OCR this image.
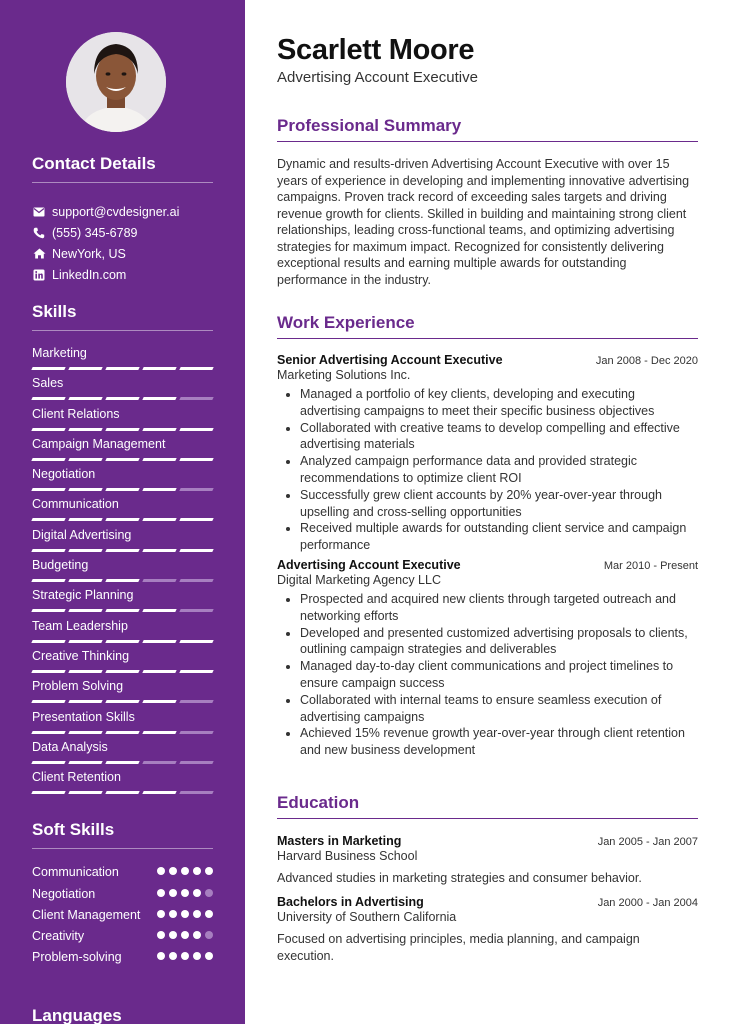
Contact Details
support@cvdesigner.ai
(555) 345-6789
NewYork, US
LinkedIn.com
Skills
Marketing
Sales
Client Relations
Campaign Management
Negotiation
Communication
Digital Advertising
Budgeting
Strategic Planning
Team Leadership
Creative Thinking
Problem Solving
Presentation Skills
Data Analysis
Client Retention
Soft Skills
Communication
Negotiation
Client Management
Creativity
Problem-solving
Languages
Scarlett Moore
Advertising Account Executive
Professional Summary

Dynamic and results-driven Advertising Account Executive with over 15 years of experience in developing and implementing innovative advertising campaigns. Proven track record of exceeding sales targets and driving revenue growth for clients. Skilled in building and maintaining strong client relationships, leading cross-functional teams, and optimizing advertising strategies for maximum impact. Recognized for consistently delivering exceptional results and earning multiple awards for outstanding performance in the industry.

Work Experience
Senior Advertising Account Executive	Jan 2008 - Dec 2020
Marketing Solutions Inc.
• Managed a portfolio of key clients, developing and executing advertising campaigns to meet their specific business objectives
• Collaborated with creative teams to develop compelling and effective advertising materials
• Analyzed campaign performance data and provided strategic recommendations to optimize client ROI
• Successfully grew client accounts by 20% year-over-year through upselling and cross-selling opportunities
• Received multiple awards for outstanding client service and campaign performance
Advertising Account Executive	Mar 2010 - Present
Digital Marketing Agency LLC
• Prospected and acquired new clients through targeted outreach and networking efforts
• Developed and presented customized advertising proposals to clients, outlining campaign strategies and deliverables
• Managed day-to-day client communications and project timelines to ensure campaign success
• Collaborated with internal teams to ensure seamless execution of advertising campaigns
• Achieved 15% revenue growth year-over-year through client retention and new business development
Education
Masters in Marketing	Jan 2005 - Jan 2007
Harvard Business School

Advanced studies in marketing strategies and consumer behavior.

Bachelors in Advertising	Jan 2000 - Jan 2004
University of Southern California

Focused on advertising principles, media planning, and campaign execution.
